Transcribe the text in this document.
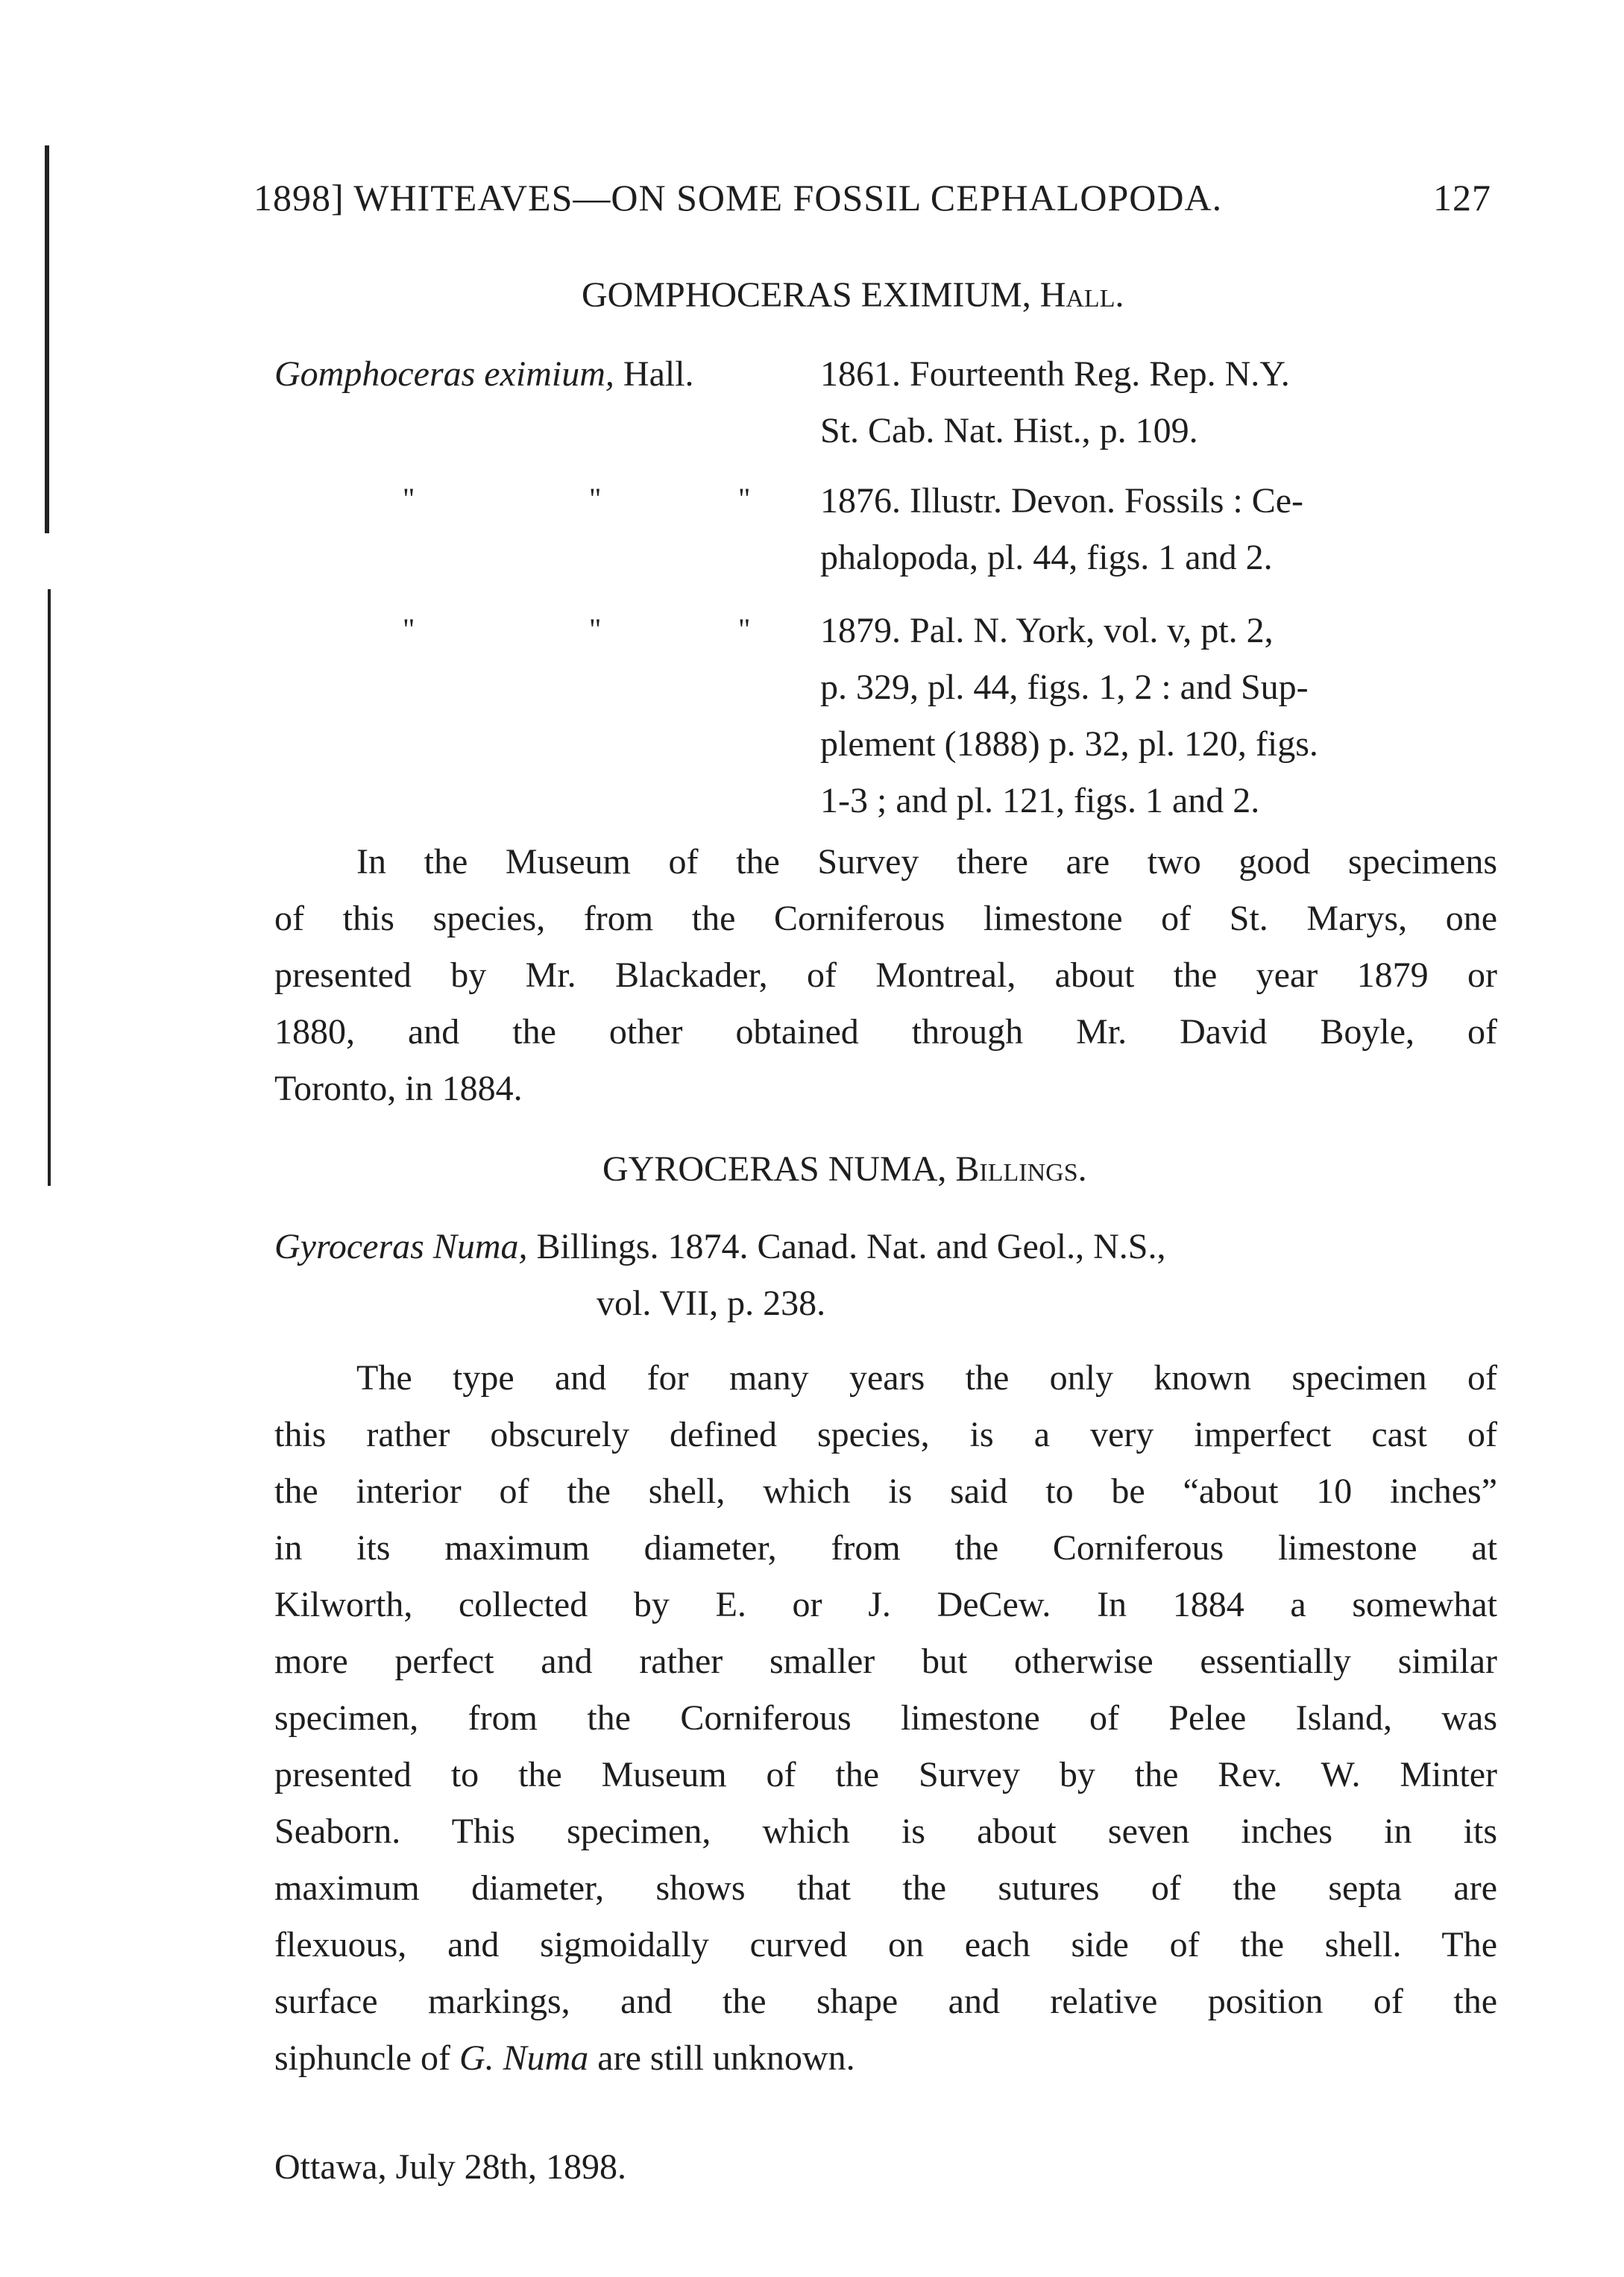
1898] WHITEAVES—ON SOME FOSSIL CEPHALOPODA.	127
GOMPHOCERAS EXIMIUM, Hall.
Gomphoceras eximium, Hall.	1861. Fourteenth Reg. Rep. N.Y.
St. Cab. Nat. Hist., p. 109.
"	"	" 1876. Illustr. Devon. Fossils : Ce-
phalopoda, pl. 44, figs. 1 and 2.
"	"	" 1879. Pal. N. York, vol. v, pt. 2,
p. 329, pl. 44, figs. 1, 2 : and Sup-
plement (1888) p. 32, pl. 120, figs.
1-3 ; and pl. 121, figs. 1 and 2.
In the Museum of the Survey there are two good specimens
of this species, from the Corniferous limestone of St. Marys, one
presented by Mr. Blackader, of Montreal, about the year 1879 or
1880, and the other obtained through Mr. David Boyle, of
Toronto, in 1884.
GYROCERAS NUMA, Billings.
Gyroceras Numa, Billings. 1874. Canad. Nat. and Geol., N.S.,
vol. VII, p. 238.
The type and for many years the only known specimen of
this rather obscurely defined species, is a very imperfect cast of
the interior of the shell, which is said to be “about 10 inches”
in its maximum diameter, from the Corniferous limestone at
Kilworth, collected by E. or J. DeCew. In 1884 a somewhat
more perfect and rather smaller but otherwise essentially similar
specimen, from the Corniferous limestone of Pelee Island, was
presented to the Museum of the Survey by the Rev. W. Minter
Seaborn. This specimen, which is about seven inches in its
maximum diameter, shows that the sutures of the septa are
flexuous, and sigmoidally curved on each side of the shell. The
surface markings, and the shape and relative position of the
siphuncle of G. Numa are still unknown.
Ottawa, July 28th, 1898.
